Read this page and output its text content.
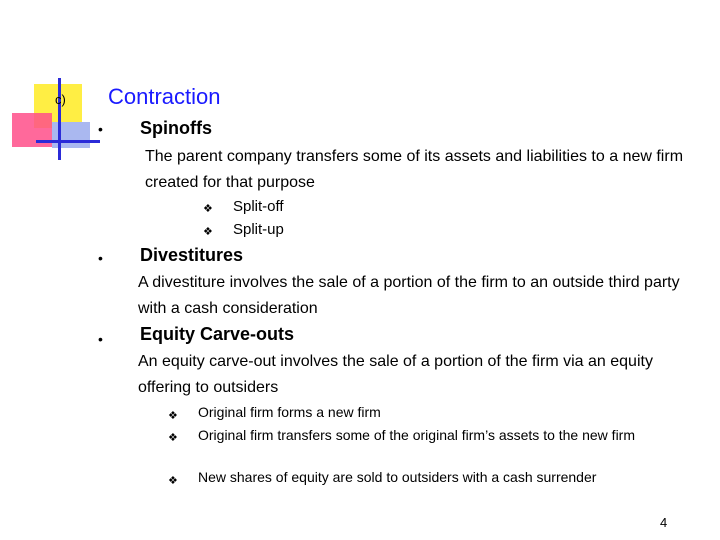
c) Contraction
• Spinoffs
The parent company transfers some of its assets and liabilities to a new firm created for that purpose
❖ Split-off
❖ Split-up
• Divestitures
A divestiture involves the sale of a portion of the firm to an outside third party with a cash consideration
• Equity Carve-outs
An equity carve-out involves the sale of a portion of the firm via an equity offering to outsiders
❖ Original firm forms a new firm
❖ Original firm transfers some of the original firm’s assets to the new firm
❖ New shares of equity are sold to outsiders with a cash surrender
4
